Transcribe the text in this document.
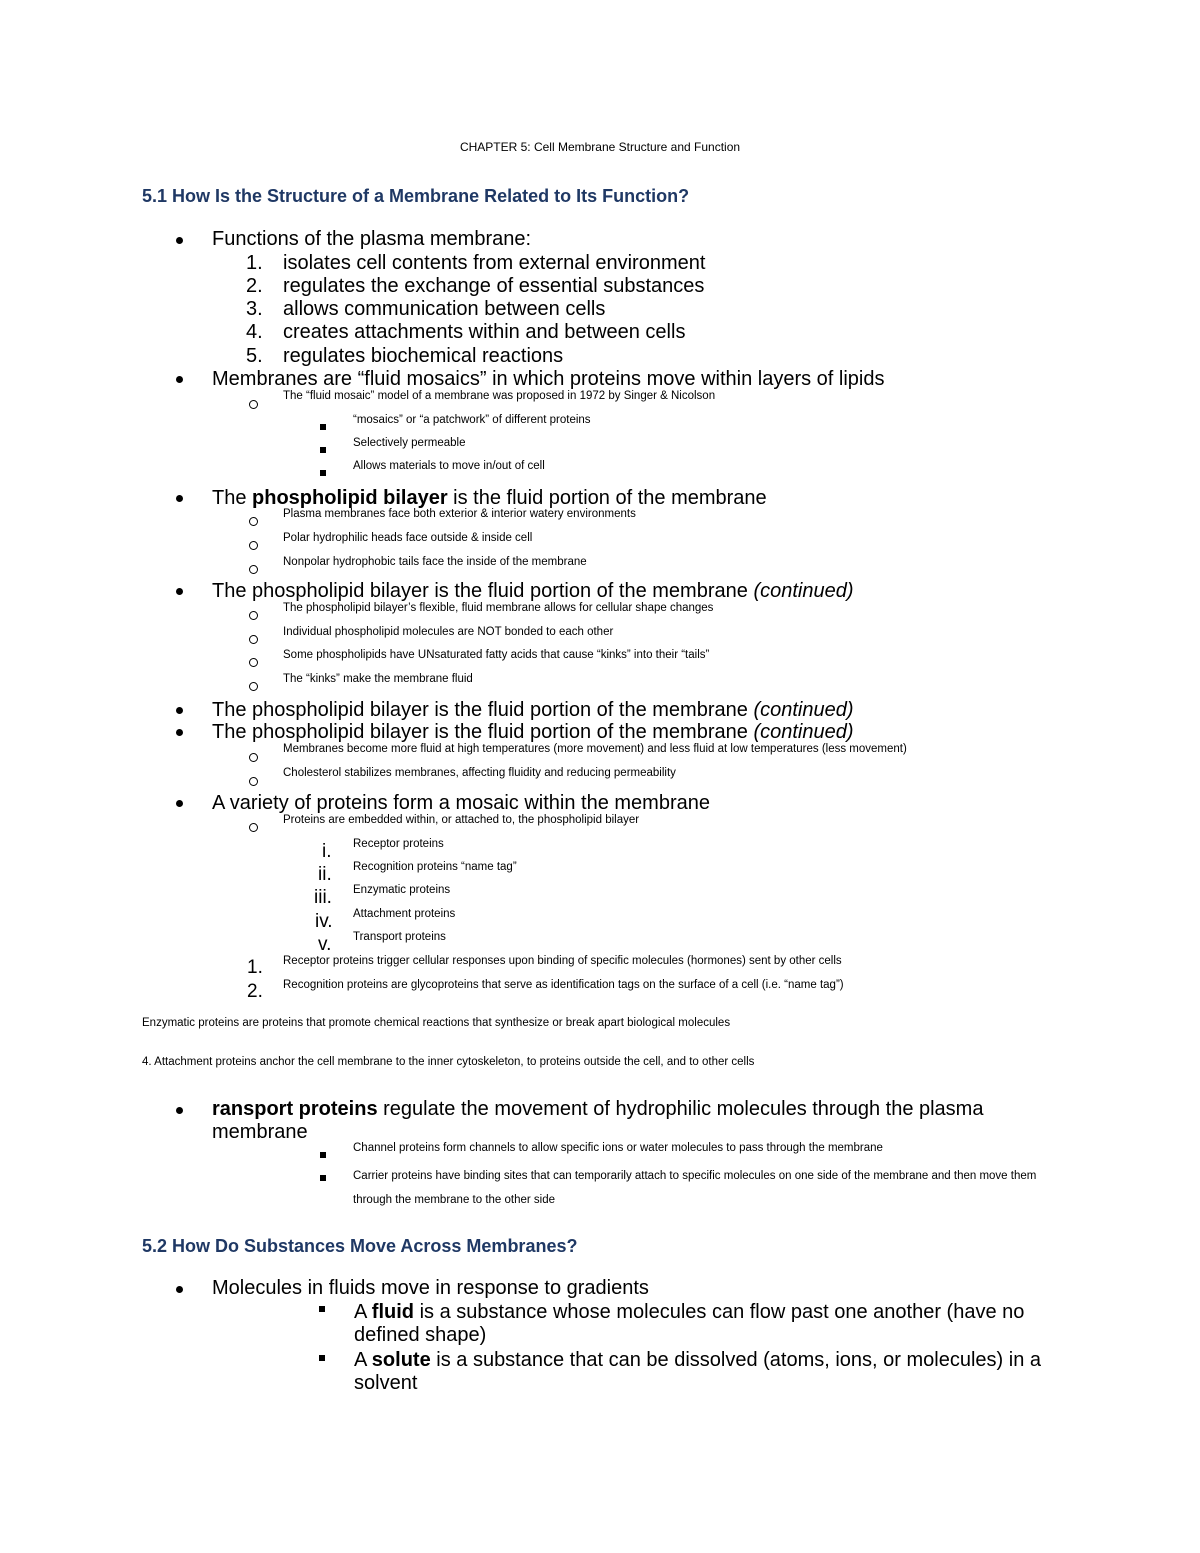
CHAPTER 5: Cell Membrane Structure and Function
5.1 How Is the Structure of a Membrane Related to Its Function?
Functions of the plasma membrane:
1. isolates cell contents from external environment
2. regulates the exchange of essential substances
3. allows communication between cells
4. creates attachments within and between cells
5. regulates biochemical reactions
Membranes are “fluid mosaics” in which proteins move within layers of lipids
The “fluid mosaic” model of a membrane was proposed in 1972 by Singer & Nicolson
“mosaics” or “a patchwork” of different proteins
Selectively permeable
Allows materials to move in/out of cell
The phospholipid bilayer is the fluid portion of the membrane
Plasma membranes face both exterior & interior watery environments
Polar hydrophilic heads face outside & inside cell
Nonpolar hydrophobic tails face the inside of the membrane
The phospholipid bilayer is the fluid portion of the membrane (continued)
The phospholipid bilayer’s flexible, fluid membrane allows for cellular shape changes
Individual phospholipid molecules are NOT bonded to each other
Some phospholipids have UNsaturated fatty acids that cause “kinks” into their “tails”
The “kinks” make the membrane fluid
The phospholipid bilayer is the fluid portion of the membrane (continued)
The phospholipid bilayer is the fluid portion of the membrane (continued)
Membranes become more fluid at high temperatures (more movement) and less fluid at low temperatures (less movement)
Cholesterol stabilizes membranes, affecting fluidity and reducing permeability
A variety of proteins form a mosaic within the membrane
Proteins are embedded within, or attached to, the phospholipid bilayer
i. Receptor proteins
ii. Recognition proteins “name tag”
iii. Enzymatic proteins
iv. Attachment proteins
v. Transport proteins
1. Receptor proteins trigger cellular responses upon binding of specific molecules (hormones) sent by other cells
2. Recognition proteins are glycoproteins that serve as identification tags on the surface of a cell (i.e. “name tag”)
Enzymatic proteins are proteins that promote chemical reactions that synthesize or break apart biological molecules
4. Attachment proteins anchor the cell membrane to the inner cytoskeleton, to proteins outside the cell, and to other cells
ransport proteins regulate the movement of hydrophilic molecules through the plasma membrane
Channel proteins form channels to allow specific ions or water molecules to pass through the membrane
Carrier proteins have binding sites that can temporarily attach to specific molecules on one side of the membrane and then move them through the membrane to the other side
5.2 How Do Substances Move Across Membranes?
Molecules in fluids move in response to gradients
A fluid is a substance whose molecules can flow past one another (have no defined shape)
A solute is a substance that can be dissolved (atoms, ions, or molecules) in a solvent
